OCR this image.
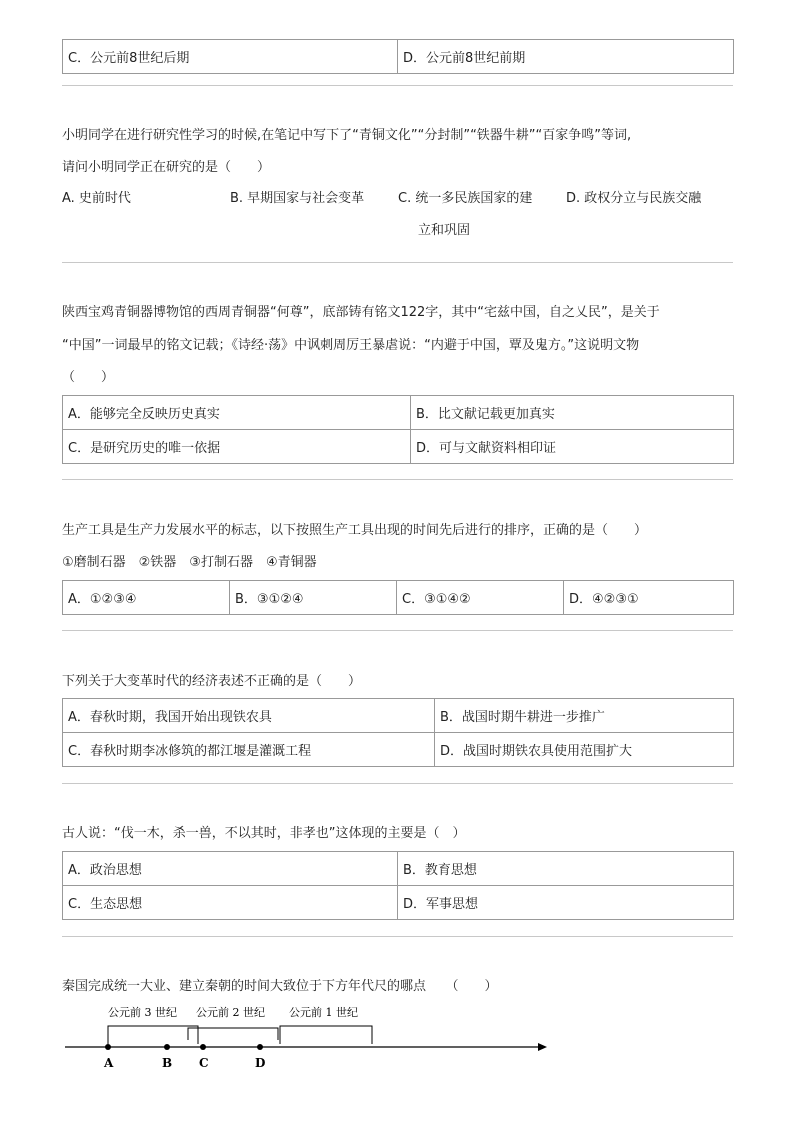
C．公元前8世纪后期	D．公元前8世纪前期
小明同学在进行研究性学习的时候,在笔记中写下了“青铜文化”“分封制”“铁器牛耕”“百家争鸣”等词,
请问小明同学正在研究的是（　　）
A. 史前时代	B. 早期国家与社会变革	C. 统一多民族国家的建
立和巩固
D. 政权分立与民族交融
陕西宝鸡青铜器博物馆的西周青铜器“何尊”，底部铸有铭文122字，其中“宅兹中国，自之乂民”，是关于
“中国”一词最早的铭文记载；《诗经·荡》中讽刺周厉王暴虐说：“内避于中国，覃及鬼方。”这说明文物
（　　）
A．能够完全反映历史真实	B．比文献记载更加真实
C．是研究历史的唯一依据	D．可与文献资料相印证
生产工具是生产力发展水平的标志，以下按照生产工具出现的时间先后进行的排序，正确的是（　　）
①磨制石器　②铁器　③打制石器　④青铜器
A．①②③④	B．③①②④	C．③①④②	D．④②③①
下列关于大变革时代的经济表述不正确的是（　　）
A．春秋时期，我国开始出现铁农具	B．战国时期牛耕进一步推广
C．春秋时期李冰修筑的都江堰是灌溉工程	D．战国时期铁农具使用范围扩大
古人说：“伐一木，杀一兽，不以其时，非孝也”这体现的主要是（　）
A．政治思想	B．教育思想
C．生态思想	D．军事思想
秦国完成统一大业、建立秦朝的时间大致位于下方年代尺的哪点　　（　　）
公元前 3 世纪 公元前 2 世纪 公元前 1 世纪
A	B C	D
